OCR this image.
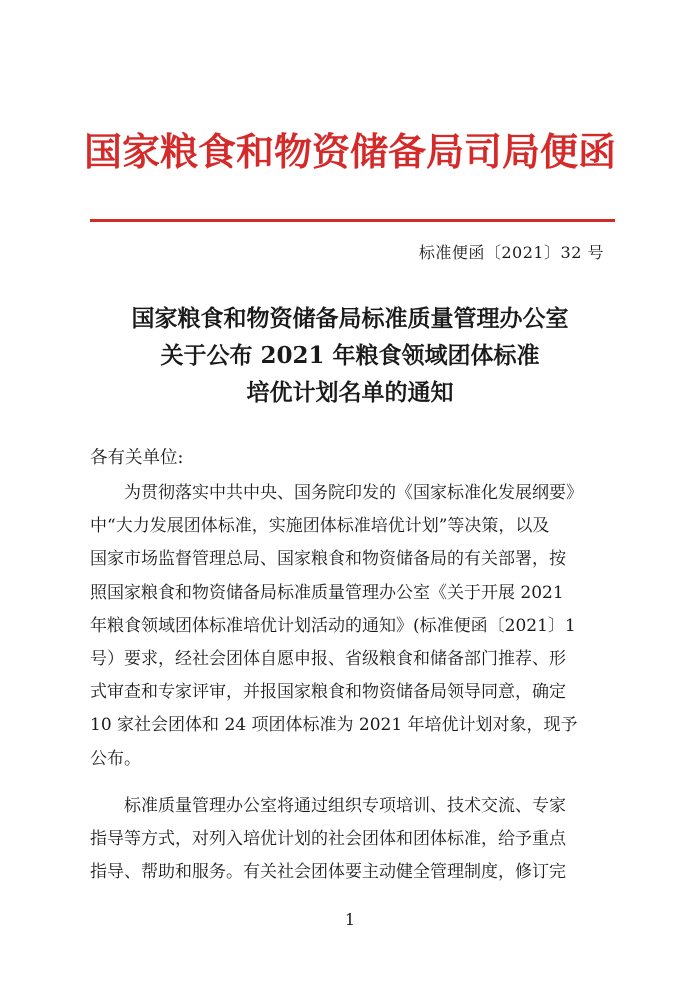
国家粮食和物资储备局司局便函
标准便函〔2021〕32 号
国家粮食和物资储备局标准质量管理办公室
关于公布 2021 年粮食领域团体标准
培优计划名单的通知
各有关单位:
为贯彻落实中共中央、国务院印发的《国家标准化发展纲要》
中“大力发展团体标准，实施团体标准培优计划”等决策，以及
国家市场监督管理总局、国家粮食和物资储备局的有关部署，按
照国家粮食和物资储备局标准质量管理办公室《关于开展 2021
年粮食领域团体标准培优计划活动的通知》(标准便函〔2021〕1
号）要求，经社会团体自愿申报、省级粮食和储备部门推荐、形
式审查和专家评审，并报国家粮食和物资储备局领导同意，确定
10 家社会团体和 24 项团体标准为 2021 年培优计划对象，现予
公布。
标准质量管理办公室将通过组织专项培训、技术交流、专家
指导等方式，对列入培优计划的社会团体和团体标准，给予重点
指导、帮助和服务。有关社会团体要主动健全管理制度，修订完
1
